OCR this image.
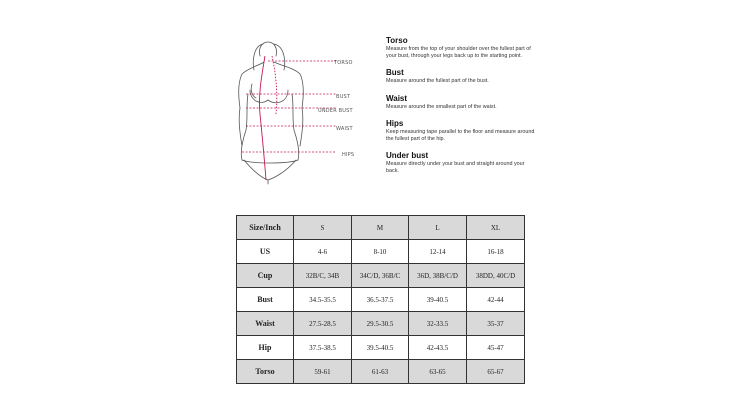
TORSO
BUST
UNDER BUST
WAIST
HIPS
Torso
Measure from the top of your shoulder over the fullest part of your bust, through your legs back up to the starting point.
Bust
Measure around the fullest part of the bust.
Waist
Measure around the smallest part of the waist.
Hips
Keep measuring tape parallel to the floor and measure around the fullest part of the hip.
Under bust
Measure directly under your bust and straight around your back.
Size/Inch	S	M	L	XL
US	4-6	8-10	12-14	16-18
Cup	32B/C, 34B	34C/D, 36B/C	36D, 38B/C/D	38DD, 40C/D
Bust	34.5-35.5	36.5-37.5	39-40.5	42-44
Waist	27.5-28.5	29.5-30.5	32-33.5	35-37
Hip	37.5-38.5	39.5-40.5	42-43.5	45-47
Torso	59-61	61-63	63-65	65-67
